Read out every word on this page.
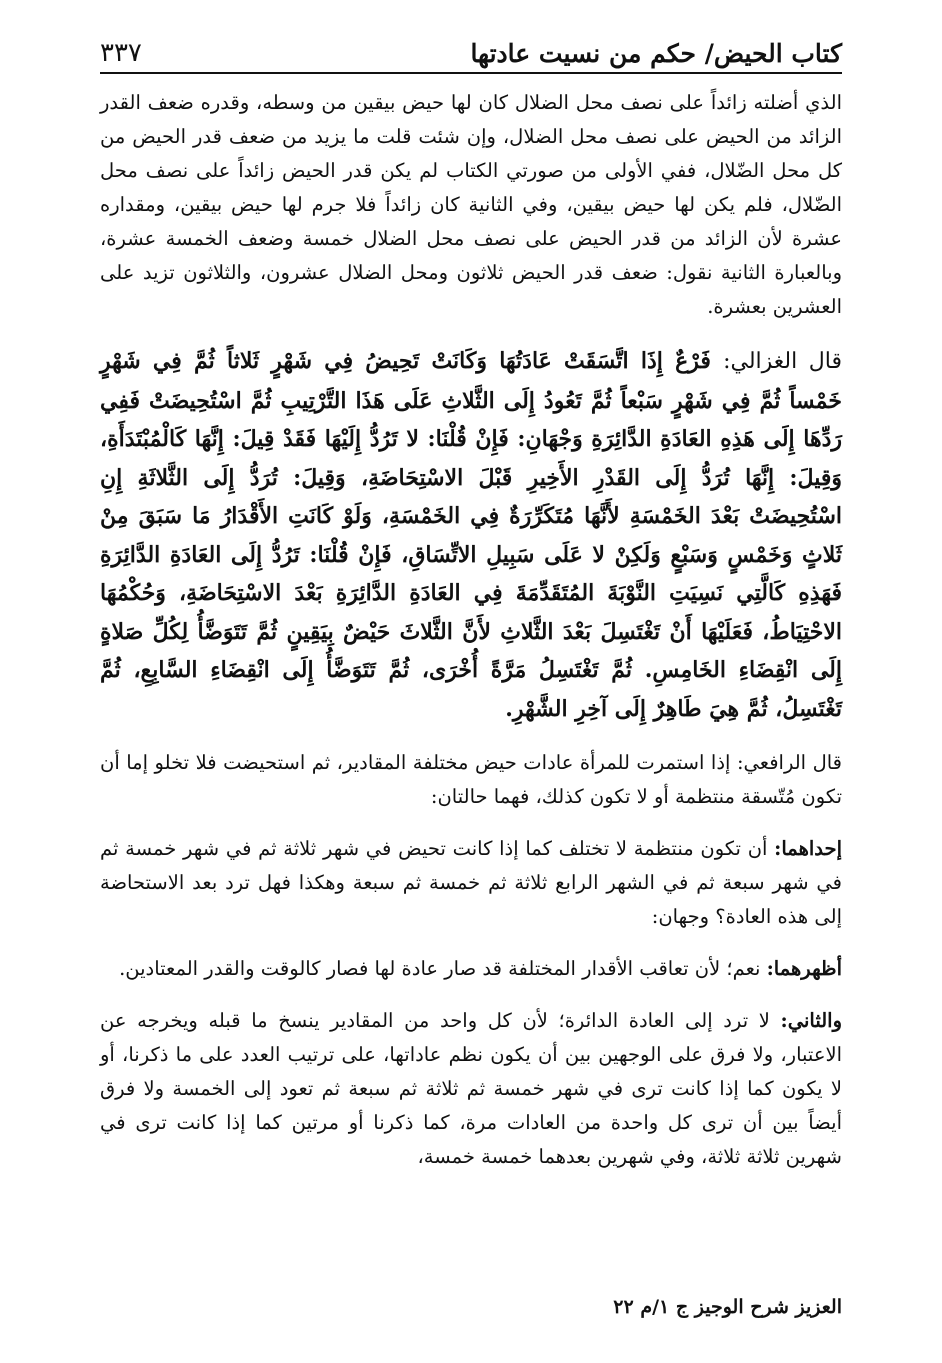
٣٣٧	كتاب الحيض/ حكم من نسيت عادتها

الذي أضلته زائداً على نصف محل الضلال كان لها حيض بيقين من وسطه، وقدره ضعف القدر الزائد من الحيض على نصف محل الضلال، وإن شئت قلت ما يزيد من ضعف قدر الحيض من كل محل الضّلال، ففي الأولى من صورتي الكتاب لم يكن قدر الحيض زائداً على نصف محل الضّلال، فلم يكن لها حيض بيقين، وفي الثانية كان زائداً فلا جرم لها حيض بيقين، ومقداره عشرة لأن الزائد من قدر الحيض على نصف محل الضلال خمسة وضعف الخمسة عشرة، وبالعبارة الثانية نقول: ضعف قدر الحيض ثلاثون ومحل الضلال عشرون، والثلاثون تزيد على العشرين بعشرة.

قال الغزالي: فَرْعٌ إِذَا اتَّسَقَتْ عَادَتُهَا وَكَانَتْ تَحِيضُ فِي شَهْرٍ ثَلاثاً ثُمَّ فِي شَهْرٍ خَمْساً ثُمَّ فِي شَهْرٍ سَبْعاً ثُمَّ تَعُودُ إِلَى الثَّلاثِ عَلَى هَذَا التَّرْتِيبِ ثُمَّ اسْتُحِيضَتْ فَفِي رَدِّهَا إِلَى هَذِهِ العَادَةِ الدَّائِرَةِ وَجْهَانِ: فَإِنْ قُلْنَا: لا تَرُدُّ إِلَيْهَا فَقَدْ قِيلَ: إِنَّهَا كَالْمُبْتَدَأَةِ، وَقِيلَ: إِنَّهَا تُرَدُّ إِلَى القَدْرِ الأَخِيرِ قَبْلَ الاسْتِحَاضَةِ، وَقِيلَ: تُرَدُّ إِلَى الثَّلاثَةِ إِنِ اسْتُحِيضَتْ بَعْدَ الخَمْسَةِ لأَنَّهَا مُتَكَرِّرَةٌ فِي الخَمْسَةِ، وَلَوْ كَانَتِ الأَقْدَارُ مَا سَبَقَ مِنْ ثَلاثٍ وَخَمْسٍ وَسَبْعٍ وَلَكِنْ لا عَلَى سَبِيلِ الاتِّسَاقِ، فَإِنْ قُلْنَا: تَرُدُّ إِلَى العَادَةِ الدَّائِرَةِ فَهَذِهِ كَالَّتِي نَسِيَتِ النَّوْبَةَ المُتَقَدِّمَةَ فِي العَادَةِ الدَّائِرَةِ بَعْدَ الاسْتِحَاضَةِ، وَحُكْمُهَا الاحْتِيَاطُ، فَعَلَيْهَا أَنْ تَغْتَسِلَ بَعْدَ الثَّلاثِ لأَنَّ الثَّلاثَ حَيْضٌ بِيَقِينٍ ثُمَّ تَتَوَضَّأُ لِكُلِّ صَلاةٍ إِلَى انْقِضَاءِ الخَامِسِ. ثُمَّ تَغْتَسِلُ مَرَّةً أُخْرَى، ثُمَّ تَتَوَضَّأُ إِلَى انْقِضَاءِ السَّابِعِ، ثُمَّ تَغْتَسِلُ، ثُمَّ هِيَ طَاهِرٌ إِلَى آخِرِ الشَّهْرِ.

قال الرافعي: إذا استمرت للمرأة عادات حيض مختلفة المقادير، ثم استحيضت فلا تخلو إما أن تكون مُتّسقة منتظمة أو لا تكون كذلك، فهما حالتان:

إحداهما: أن تكون منتظمة لا تختلف كما إذا كانت تحيض في شهر ثلاثة ثم في شهر خمسة ثم في شهر سبعة ثم في الشهر الرابع ثلاثة ثم خمسة ثم سبعة وهكذا فهل ترد بعد الاستحاضة إلى هذه العادة؟ وجهان:

أظهرهما: نعم؛ لأن تعاقب الأقدار المختلفة قد صار عادة لها فصار كالوقت والقدر المعتادين.

والثاني: لا ترد إلى العادة الدائرة؛ لأن كل واحد من المقادير ينسخ ما قبله ويخرجه عن الاعتبار، ولا فرق على الوجهين بين أن يكون نظم عاداتها، على ترتيب العدد على ما ذكرنا، أو لا يكون كما إذا كانت ترى في شهر خمسة ثم ثلاثة ثم سبعة ثم تعود إلى الخمسة ولا فرق أيضاً بين أن ترى كل واحدة من العادات مرة، كما ذكرنا أو مرتين كما إذا كانت ترى في شهرين ثلاثة ثلاثة، وفي شهرين بعدهما خمسة خمسة،

العزيز شرح الوجيز ج ١/م ٢٢
